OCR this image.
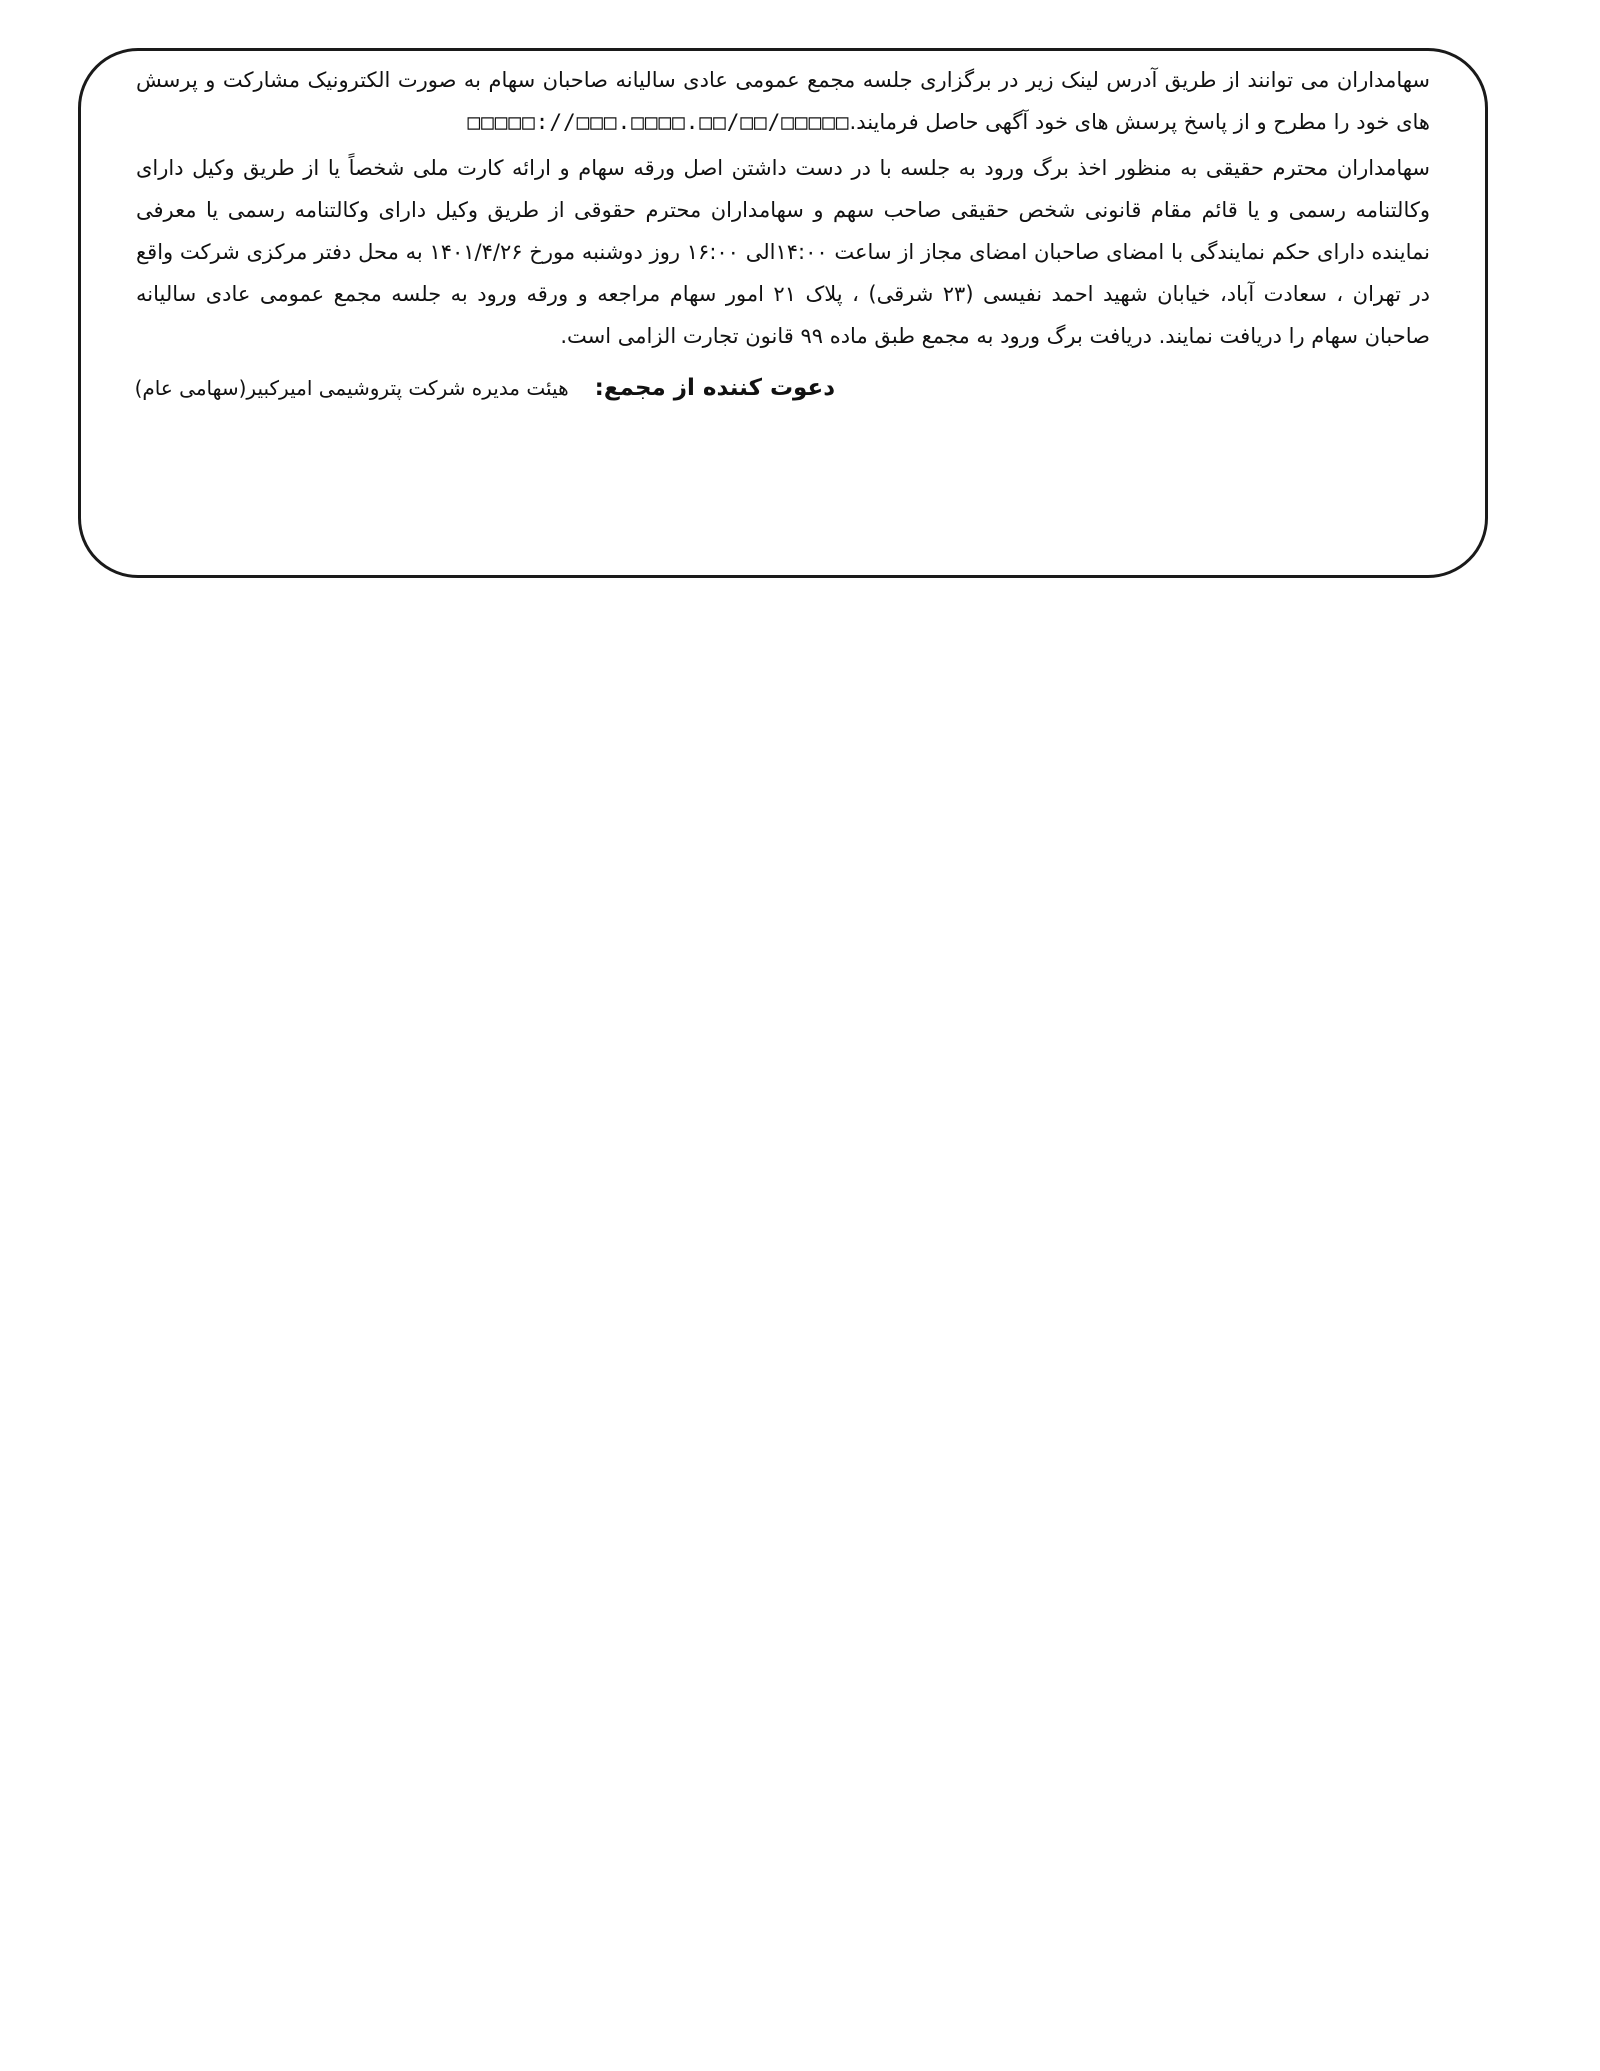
سهامداران می توانند از طریق آدرس لینک زیر در برگزاری جلسه مجمع عمومی عادی سالیانه صاحبان سهام به صورت الکترونیک مشارکت و پرسش های خود را مطرح و از پاسخ پرسش های خود آگهی حاصل فرمایند.□□□□□://□□□.□□□□.□□/□□/□□□□□

سهامداران محترم حقیقی به منظور اخذ برگ ورود به جلسه با در دست داشتن اصل ورقه سهام و ارائه کارت ملی شخصاً یا از طریق وکیل دارای وکالتنامه رسمی و یا قائم مقام قانونی شخص حقیقی صاحب سهم و سهامداران محترم حقوقی از طریق وکیل دارای وکالتنامه رسمی یا معرفی نماینده دارای حکم نمایندگی با امضای صاحبان امضای مجاز از ساعت ۱۴:۰۰الی ۱۶:۰۰ روز دوشنبه مورخ ۱۴۰۱/۴/۲۶ به محل دفتر مرکزی شرکت واقع در تهران ، سعادت آباد، خیابان شهید احمد نفیسی (۲۳ شرقی) ، پلاک ۲۱ امور سهام مراجعه و ورقه ورود به جلسه مجمع عمومی عادی سالیانه صاحبان سهام را دریافت نمایند. دریافت برگ ورود به مجمع طبق ماده ۹۹ قانون تجارت الزامی است.

دعوت کننده از مجمع:
هیئت مدیره شرکت پتروشیمی امیرکبیر(سهامی عام)
